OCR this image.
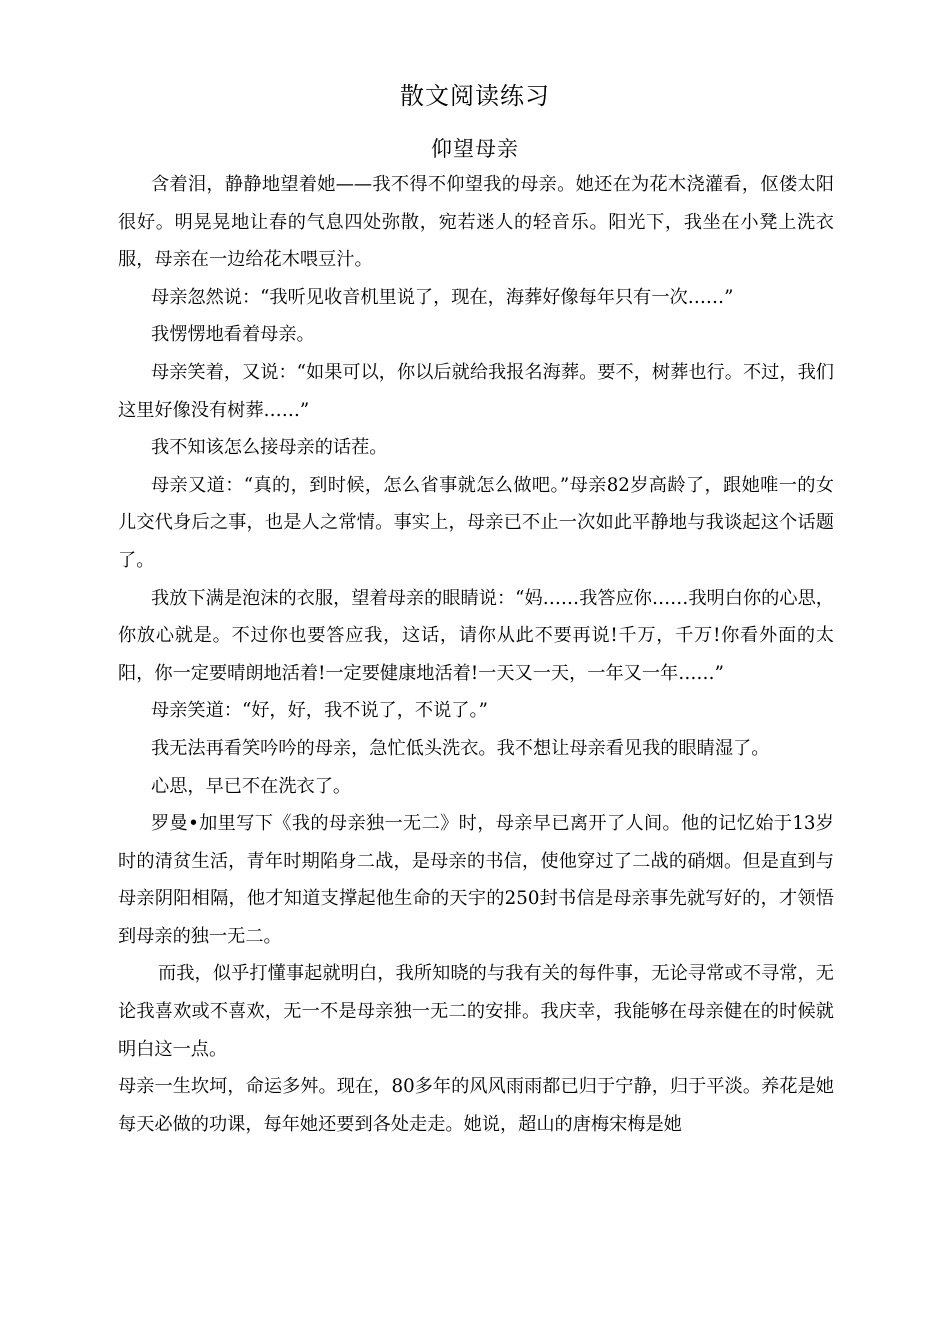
散文阅读练习
仰望母亲

含着泪，静静地望着她——我不得不仰望我的母亲。她还在为花木浇灌看，伛偻太阳很好。明晃晃地让春的气息四处弥散，宛若迷人的轻音乐。阳光下，我坐在小凳上洗衣服，母亲在一边给花木喂豆汁。

母亲忽然说：“我听见收音机里说了，现在，海葬好像每年只有一次……”

我愣愣地看着母亲。

母亲笑着，又说：“如果可以，你以后就给我报名海葬。要不，树葬也行。不过，我们这里好像没有树葬……”

我不知该怎么接母亲的话茬。

母亲又道：“真的，到时候，怎么省事就怎么做吧。”母亲82岁高龄了，跟她唯一的女儿交代身后之事，也是人之常情。事实上，母亲已不止一次如此平静地与我谈起这个话题了。

我放下满是泡沫的衣服，望着母亲的眼睛说：“妈……我答应你……我明白你的心思，你放心就是。不过你也要答应我，这话，请你从此不要再说!千万，千万!你看外面的太阳，你一定要晴朗地活着!一定要健康地活着!一天又一天，一年又一年……”

母亲笑道：“好，好，我不说了，不说了。”

我无法再看笑吟吟的母亲，急忙低头洗衣。我不想让母亲看见我的眼睛湿了。

心思，早已不在洗衣了。

罗曼•加里写下《我的母亲独一无二》时，母亲早已离开了人间。他的记忆始于13岁时的清贫生活，青年时期陷身二战，是母亲的书信，使他穿过了二战的硝烟。但是直到与母亲阴阳相隔，他才知道支撑起他生命的天宇的250封书信是母亲事先就写好的，才领悟到母亲的独一无二。

而我，似乎打懂事起就明白，我所知晓的与我有关的每件事，无论寻常或不寻常，无论我喜欢或不喜欢，无一不是母亲独一无二的安排。我庆幸，我能够在母亲健在的时候就明白这一点。

母亲一生坎坷，命运多舛。现在，80多年的风风雨雨都已归于宁静，归于平淡。养花是她每天必做的功课，每年她还要到各处走走。她说，超山的唐梅宋梅是她
